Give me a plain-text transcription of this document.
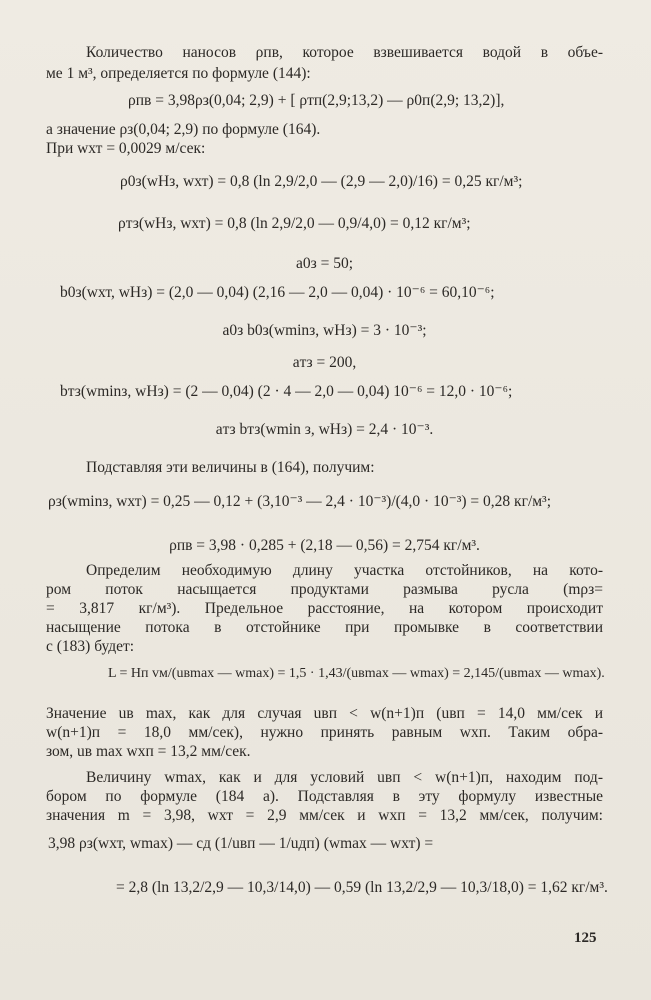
Количество наносов ρпв, которое взвешивается водой в объе-
ме 1 м³, определяется по формуле (144):
ρпв = 3,98ρз(0,04; 2,9) + [ ρтп(2,9;13,2) — ρ0п(2,9; 13,2)],
а значение ρз(0,04; 2,9) по формуле (164).
При wхт = 0,0029 м/сек:
ρ0з(wНз, wхт) = 0,8 (ln 2,9/2,0 — (2,9 — 2,0)/16) = 0,25 кг/м³;
ρтз(wНз, wхт) = 0,8 (ln 2,9/2,0 — 0,9/4,0) = 0,12 кг/м³;
a0з = 50;
b0з(wхт, wНз) = (2,0 — 0,04) (2,16 — 2,0 — 0,04) · 10⁻⁶ = 60,10⁻⁶;
a0з b0з(wminз, wНз) = 3 · 10⁻³;
aтз = 200,
bтз(wminз, wНз) = (2 — 0,04) (2 · 4 — 2,0 — 0,04) 10⁻⁶ = 12,0 · 10⁻⁶;
aтз bтз(wmin з, wНз) = 2,4 · 10⁻³.
Подставляя эти величины в (164), получим:
ρз(wminз, wхт) = 0,25 — 0,12 + (3,10⁻³ — 2,4 · 10⁻³)/(4,0 · 10⁻³) = 0,28 кг/м³;
ρпв = 3,98 · 0,285 + (2,18 — 0,56) = 2,754 кг/м³.
Определим необходимую длину участка отстойников, на кото-
ром поток насыщается продуктами размыва русла (mρз=
= 3,817 кг/м³). Предельное расстояние, на котором происходит
насыщение потока в отстойнике при промывке в соответствии
с (183) будет:
L = Hп vм/(uвmax — wmax) = 1,5 · 1,43/(uвmax — wmax) = 2,145/(uвmax — wmax).
Значение uв max, как для случая uвп < w(n+1)п (uвп = 14,0 мм/сек и
w(n+1)п = 18,0 мм/сек), нужно принять равным wхп. Таким обра-
зом, uв max wхп = 13,2 мм/сек.
Величину wmax, как и для условий uвп < w(n+1)п, находим под-
бором по формуле (184 а). Подставляя в эту формулу известные
значения m = 3,98, wхт = 2,9 мм/сек и wхп = 13,2 мм/сек, получим:
3,98 ρз(wхт, wmax) — cд (1/uвп — 1/uдп) (wmax — wхт) =
= 2,8 (ln 13,2/2,9 — 10,3/14,0) — 0,59 (ln 13,2/2,9 — 10,3/18,0) = 1,62 кг/м³.
125
